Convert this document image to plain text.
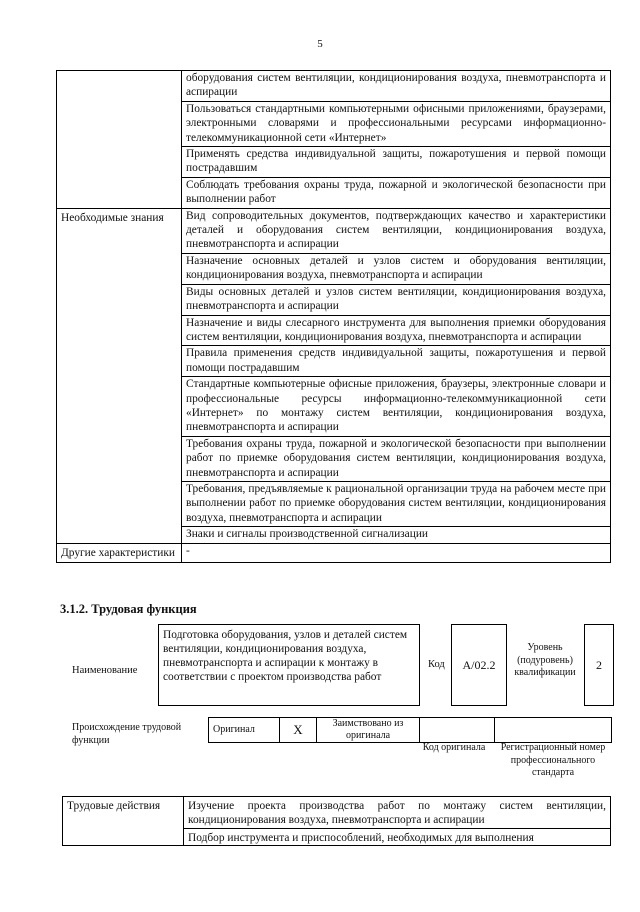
5
	оборудования систем вентиляции, кондиционирования воздуха, пневмотранспорта и аспирации
	Пользоваться стандартными компьютерными офисными приложениями, браузерами, электронными словарями и профессиональными ресурсами информационно-телекоммуникационной сети «Интернет»
	Применять средства индивидуальной защиты, пожаротушения и первой помощи пострадавшим
	Соблюдать требования охраны труда, пожарной и экологической безопасности при выполнении работ
Необходимые знания	Вид сопроводительных документов, подтверждающих качество и характеристики деталей и оборудования систем вентиляции, кондиционирования воздуха, пневмотранспорта и аспирации
	Назначение основных деталей и узлов систем и оборудования вентиляции, кондиционирования воздуха, пневмотранспорта и аспирации
	Виды основных деталей и узлов систем вентиляции, кондиционирования воздуха, пневмотранспорта и аспирации
	Назначение и виды слесарного инструмента для выполнения приемки оборудования систем вентиляции, кондиционирования воздуха, пневмотранспорта и аспирации
	Правила применения средств индивидуальной защиты, пожаротушения и первой помощи пострадавшим
	Стандартные компьютерные офисные приложения, браузеры, электронные словари и профессиональные ресурсы информационно-телекоммуникационной сети «Интернет» по монтажу систем вентиляции, кондиционирования воздуха, пневмотранспорта и аспирации
	Требования охраны труда, пожарной и экологической безопасности при выполнении работ по приемке оборудования систем вентиляции, кондиционирования воздуха, пневмотранспорта и аспирации
	Требования, предъявляемые к рациональной организации труда на рабочем месте при выполнении работ по приемке оборудования систем вентиляции, кондиционирования воздуха, пневмотранспорта и аспирации
	Знаки и сигналы производственной сигнализации
Другие характеристики	-
3.1.2. Трудовая функция
Наименование
Подготовка оборудования, узлов и деталей систем вентиляции, кондиционирования воздуха, пневмотранспорта и аспирации к монтажу в соответствии с проектом производства работ
Код	A/02.2
Уровень (подуровень) квалификации
2
Происхождение трудовой функции
Оригинал	X	Заимствовано из оригинала		
Код оригинала	Регистрационный номер профессионального стандарта
Трудовые действия	Изучение проекта производства работ по монтажу систем вентиляции, кондиционирования воздуха, пневмотранспорта и аспирации
Подбор инструмента и приспособлений, необходимых для выполнения
